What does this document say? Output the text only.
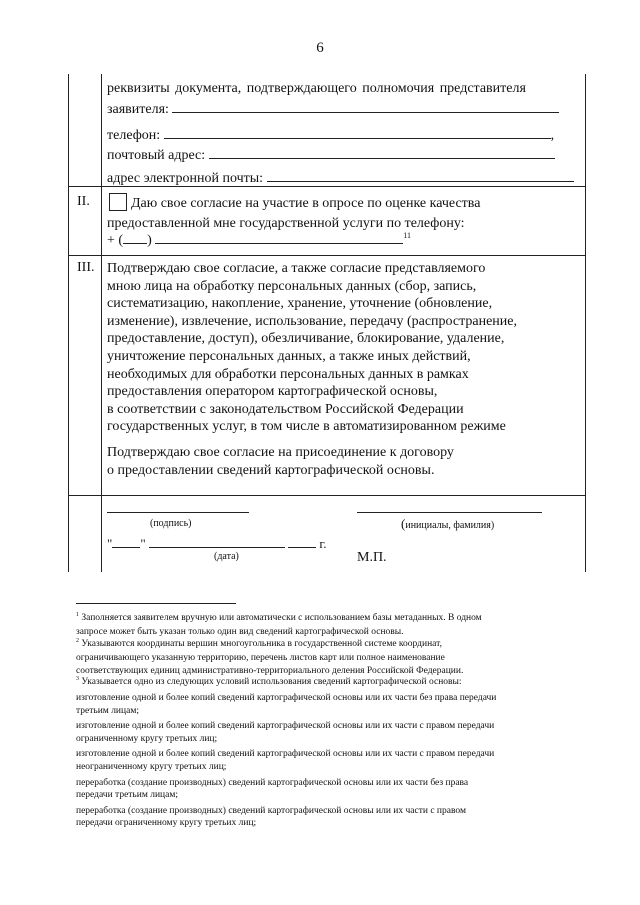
6
реквизиты документа, подтверждающего полномочия представителя
заявителя:
телефон:	,
почтовый адрес:
адрес электронной почты:
II.	Даю свое согласие на участие в опросе по оценке качества
предоставленной мне государственной услуги по телефону:
+ ( )	$^{11}$
III. Подтверждаю свое согласие, а также согласие представляемого
мною лица на обработку персональных данных (сбор, запись,
систематизацию, накопление, хранение, уточнение (обновление,
изменение), извлечение, использование, передачу (распространение,
предоставление, доступ), обезличивание, блокирование, удаление,
уничтожение персональных данных, а также иных действий,
необходимых для обработки персональных данных в рамках
предоставления оператором картографической основы,
в соответствии с законодательством Российской Федерации
государственных услуг, в том числе в автоматизированном режиме
Подтверждаю свое согласие на присоединение к договору
о предоставлении сведений картографической основы.
(подпись)	(инициалы, фамилия)
" "	г.
(дата)	М.П.
$^1$ Заполняется заявителем вручную или автоматически с использованием базы метаданных. В одном
запросе может быть указан только один вид сведений картографической основы.
$^2$ Указываются координаты вершин многоугольника в государственной системе координат,
ограничивающего указанную территорию, перечень листов карт или полное наименование
соответствующих единиц административно-территориального деления Российской Федерации.
$^3$ Указывается одно из следующих условий использования сведений картографической основы:
изготовление одной и более копий сведений картографической основы или их части без права передачи
третьим лицам;
изготовление одной и более копий сведений картографической основы или их части с правом передачи
ограниченному кругу третьих лиц;
изготовление одной и более копий сведений картографической основы или их части с правом передачи
неограниченному кругу третьих лиц;
переработка (создание производных) сведений картографической основы или их части без права
передачи третьим лицам;
переработка (создание производных) сведений картографической основы или их части с правом
передачи ограниченному кругу третьих лиц;
